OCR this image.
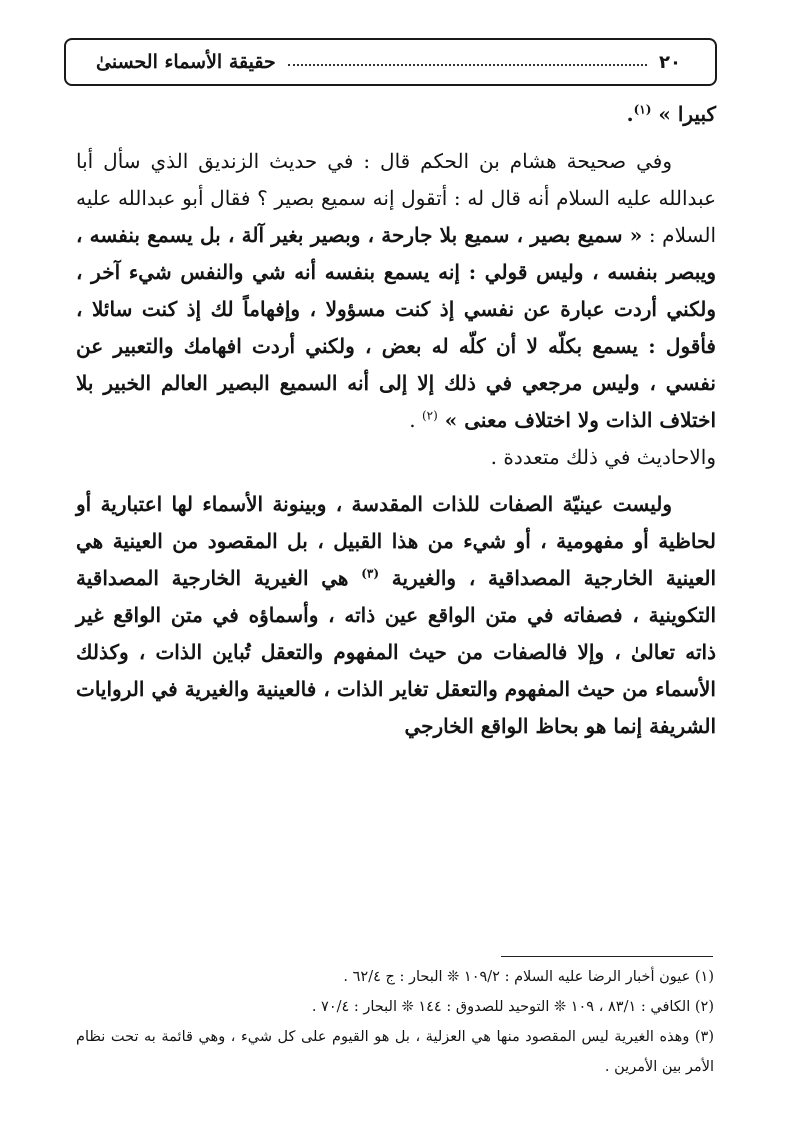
٢٠
حقيقة الأسماء الحسنىٰ

كبيرا » $^{(١)}$.

وفي صحيحة هشام بن الحكم قال : في حديث الزنديق الذي سأل أبا عبدالله عليه السلام أنه قال له : أتقول إنه سميع بصير ؟ فقال أبو عبدالله عليه السلام : « سميع بصير ، سميع بلا جارحة ، وبصير بغير آلة ، بل يسمع بنفسه ، ويبصر بنفسه ، وليس قولي : إنه يسمع بنفسه أنه شي والنفس شيء آخر ، ولكني أردت عبارة عن نفسي إذ كنت مسؤولا ، وإفهاماً لك إذ كنت سائلا ، فأقول : يسمع بكلّه لا أن كلّه له بعض ، ولكني أردت افهامك والتعبير عن نفسي ، وليس مرجعي في ذلك إلا إلى أنه السميع البصير العالم الخبير بلا اختلاف الذات ولا اختلاف معنى » $^{(٢)}$ .

والاحاديث في ذلك متعددة .

وليست عينيّة الصفات للذات المقدسة ، وبينونة الأسماء لها اعتبارية أو لحاظية أو مفهومية ، أو شيء من هذا القبيل ، بل المقصود من العينية هي العينية الخارجية المصداقية ، والغيرية $^{(٣)}$ هي الغيرية الخارجية المصداقية التكوينية ، فصفاته في متن الواقع عين ذاته ، وأسماؤه في متن الواقع غير ذاته تعالىٰ ، وإلا فالصفات من حيث المفهوم والتعقل تُباين الذات ، وكذلك الأسماء من حيث المفهوم والتعقل تغاير الذات ، فالعينية والغيرية في الروايات الشريفة إنما هو بحاظ الواقع الخارجي

(١) عيون أخبار الرضا عليه السلام : ١٠٩/٢ ❊ البحار : ج ٦٢/٤ .

(٢) الكافي : ٨٣/١ ، ١٠٩ ❊ التوحيد للصدوق : ١٤٤ ❊ البحار : ٧٠/٤ .

(٣) وهذه الغيرية ليس المقصود منها هي العزلية ، بل هو القيوم على كل شيء ، وهي قائمة به تحت نظام الأمر بين الأمرين .
